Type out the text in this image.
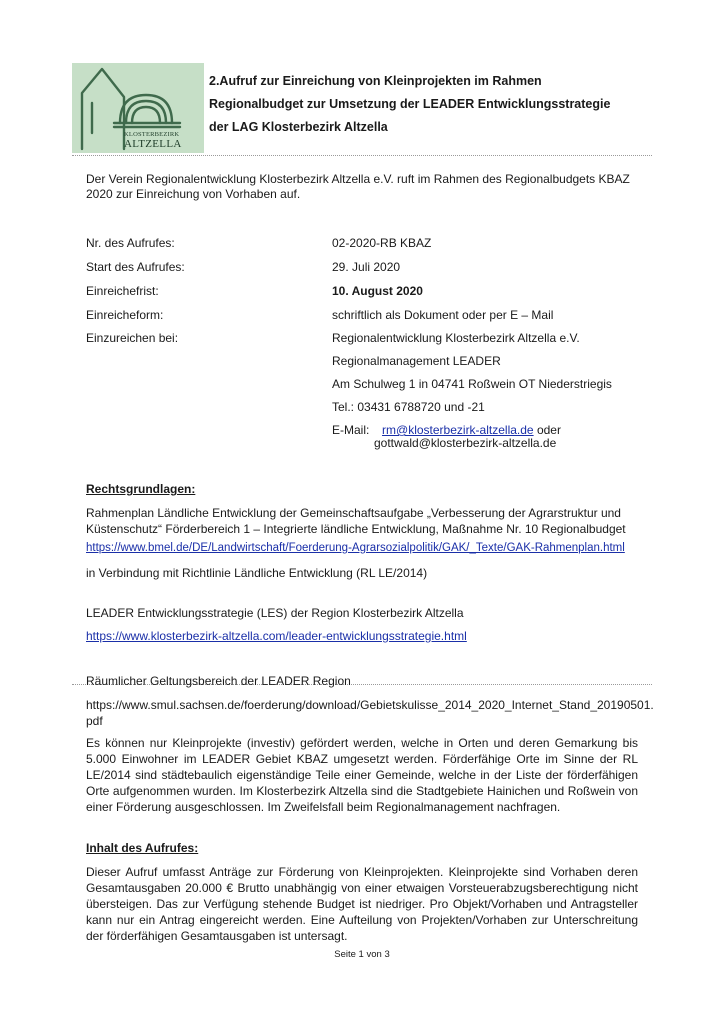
KLOSTERBEZIRK
ALTZELLA
2.Aufruf zur Einreichung von Kleinprojekten im Rahmen
Regionalbudget zur Umsetzung der LEADER Entwicklungsstrategie
der LAG Klosterbezirk Altzella
Der Verein Regionalentwicklung Klosterbezirk Altzella e.V. ruft im Rahmen des Regionalbudgets KBAZ
2020 zur Einreichung von Vorhaben auf.
Nr. des Aufrufes:	02-2020-RB KBAZ
Start des Aufrufes:	29. Juli 2020
Einreichefrist:	10. August 2020
Einreicheform:	schriftlich als Dokument oder per E – Mail
Einzureichen bei:	Regionalentwicklung Klosterbezirk Altzella e.V.
Regionalmanagement LEADER
Am Schulweg 1 in 04741 Roßwein OT Niederstriegis
Tel.: 03431 6788720 und -21
E-Mail: rm@klosterbezirk-altzella.de oder
gottwald@klosterbezirk-altzella.de
Rechtsgrundlagen:
Rahmenplan Ländliche Entwicklung der Gemeinschaftsaufgabe „Verbesserung der Agrarstruktur und
Küstenschutz“ Förderbereich 1 – Integrierte ländliche Entwicklung, Maßnahme Nr. 10 Regionalbudget
https://www.bmel.de/DE/Landwirtschaft/Foerderung-Agrarsozialpolitik/GAK/_Texte/GAK-Rahmenplan.html
in Verbindung mit Richtlinie Ländliche Entwicklung (RL LE/2014)
LEADER Entwicklungsstrategie (LES) der Region Klosterbezirk Altzella
https://www.klosterbezirk-altzella.com/leader-entwicklungsstrategie.html
Räumlicher Geltungsbereich der LEADER Region
https://www.smul.sachsen.de/foerderung/download/Gebietskulisse_2014_2020_Internet_Stand_20190501.
pdf
Es können nur Kleinprojekte (investiv) gefördert werden, welche in Orten und deren Gemarkung bis 5.000 Einwohner im LEADER Gebiet KBAZ umgesetzt werden. Förderfähige Orte im Sinne der RL LE/2014 sind städtebaulich eigenständige Teile einer Gemeinde, welche in der Liste der förderfähigen Orte aufgenommen wurden. Im Klosterbezirk Altzella sind die Stadtgebiete Hainichen und Roßwein von einer Förderung ausgeschlossen. Im Zweifelsfall beim Regionalmanagement nachfragen.
Inhalt des Aufrufes:
Dieser Aufruf umfasst Anträge zur Förderung von Kleinprojekten. Kleinprojekte sind Vorhaben deren Gesamtausgaben 20.000 € Brutto unabhängig von einer etwaigen Vorsteuerabzugsberechtigung nicht übersteigen. Das zur Verfügung stehende Budget ist niedriger. Pro Objekt/Vorhaben und Antragsteller kann nur ein Antrag eingereicht werden. Eine Aufteilung von Projekten/Vorhaben zur Unterschreitung der förderfähigen Gesamtausgaben ist untersagt.
Seite 1 von 3
